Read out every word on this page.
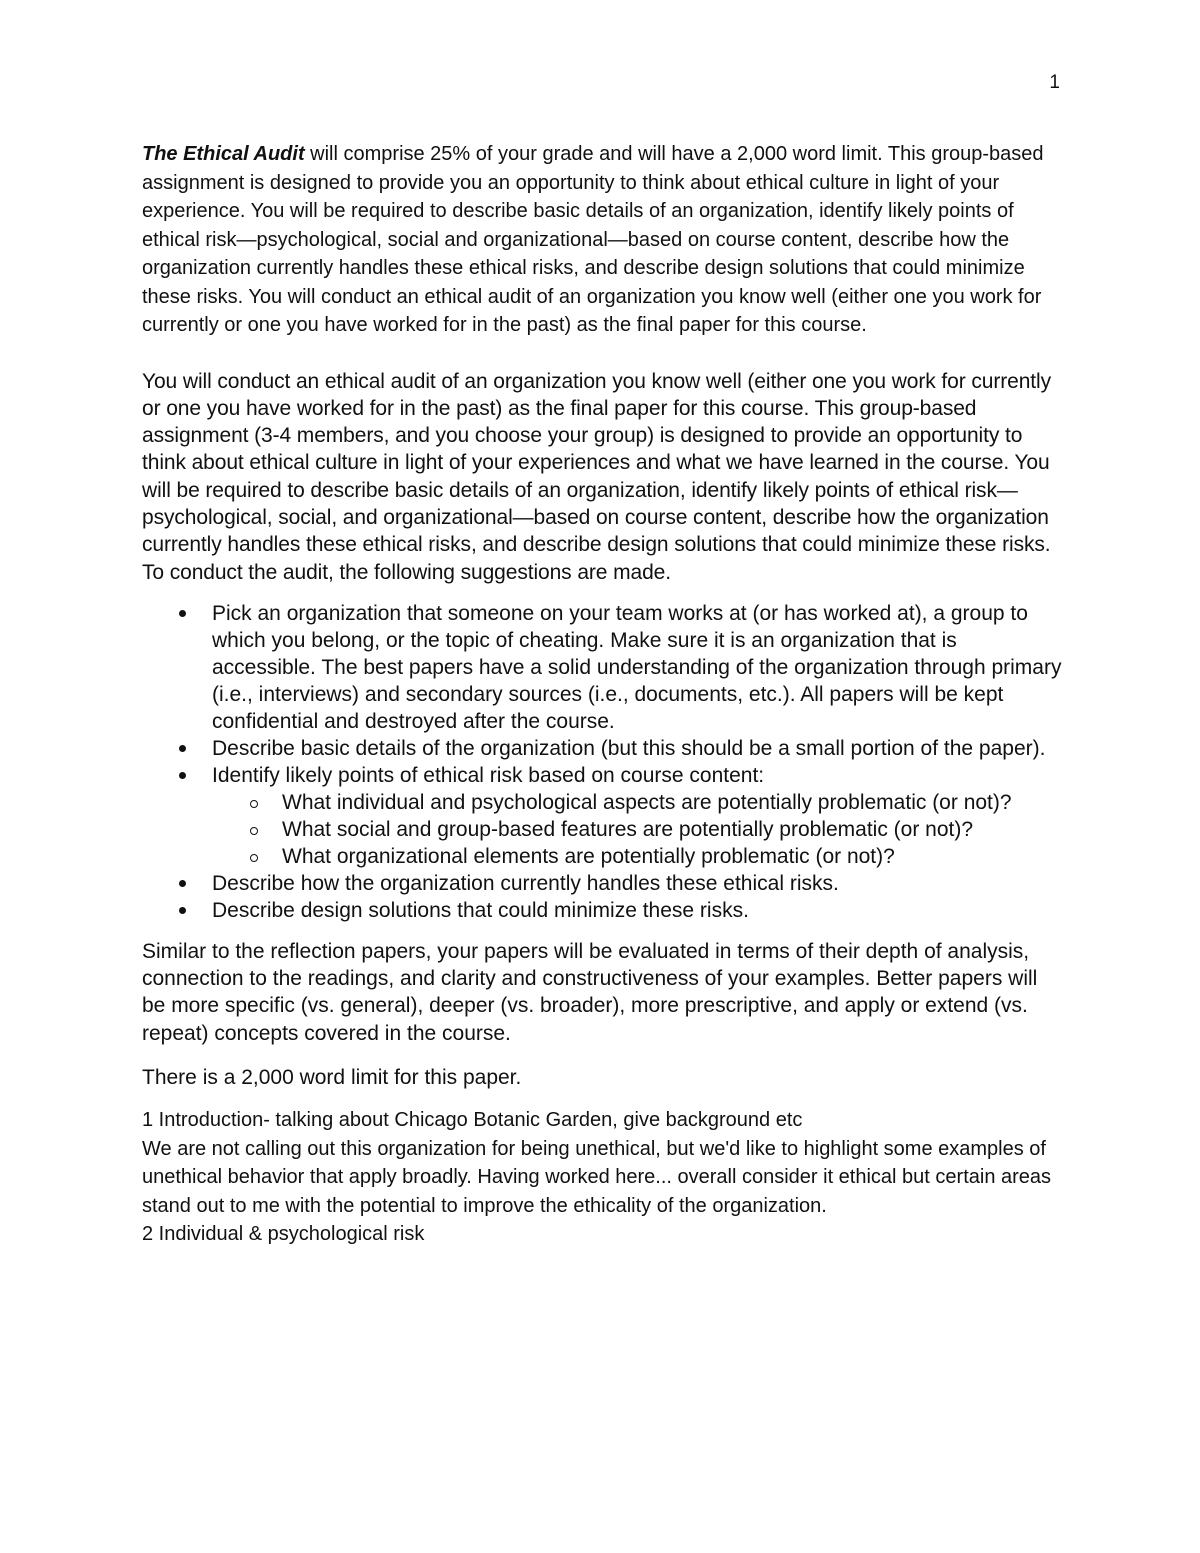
1

The Ethical Audit will comprise 25% of your grade and will have a 2,000 word limit. This group-based assignment is designed to provide you an opportunity to think about ethical culture in light of your experience. You will be required to describe basic details of an organization, identify likely points of ethical risk—psychological, social and organizational—based on course content, describe how the organization currently handles these ethical risks, and describe design solutions that could minimize these risks. You will conduct an ethical audit of an organization you know well (either one you work for currently or one you have worked for in the past) as the final paper for this course.

You will conduct an ethical audit of an organization you know well (either one you work for currently or one you have worked for in the past) as the final paper for this course. This group-based assignment (3-4 members, and you choose your group) is designed to provide an opportunity to think about ethical culture in light of your experiences and what we have learned in the course. You will be required to describe basic details of an organization, identify likely points of ethical risk—psychological, social, and organizational—based on course content, describe how the organization currently handles these ethical risks, and describe design solutions that could minimize these risks. To conduct the audit, the following suggestions are made.

Pick an organization that someone on your team works at (or has worked at), a group to which you belong, or the topic of cheating. Make sure it is an organization that is accessible. The best papers have a solid understanding of the organization through primary (i.e., interviews) and secondary sources (i.e., documents, etc.). All papers will be kept confidential and destroyed after the course.
Describe basic details of the organization (but this should be a small portion of the paper).
Identify likely points of ethical risk based on course content:
What individual and psychological aspects are potentially problematic (or not)?
What social and group-based features are potentially problematic (or not)?
What organizational elements are potentially problematic (or not)?
Describe how the organization currently handles these ethical risks.
Describe design solutions that could minimize these risks.

Similar to the reflection papers, your papers will be evaluated in terms of their depth of analysis, connection to the readings, and clarity and constructiveness of your examples. Better papers will be more specific (vs. general), deeper (vs. broader), more prescriptive, and apply or extend (vs. repeat) concepts covered in the course.

There is a 2,000 word limit for this paper.

1 Introduction- talking about Chicago Botanic Garden, give background etc
We are not calling out this organization for being unethical, but we'd like to highlight some examples of unethical behavior that apply broadly. Having worked here... overall consider it ethical but certain areas stand out to me with the potential to improve the ethicality of the organization.
2 Individual & psychological risk
